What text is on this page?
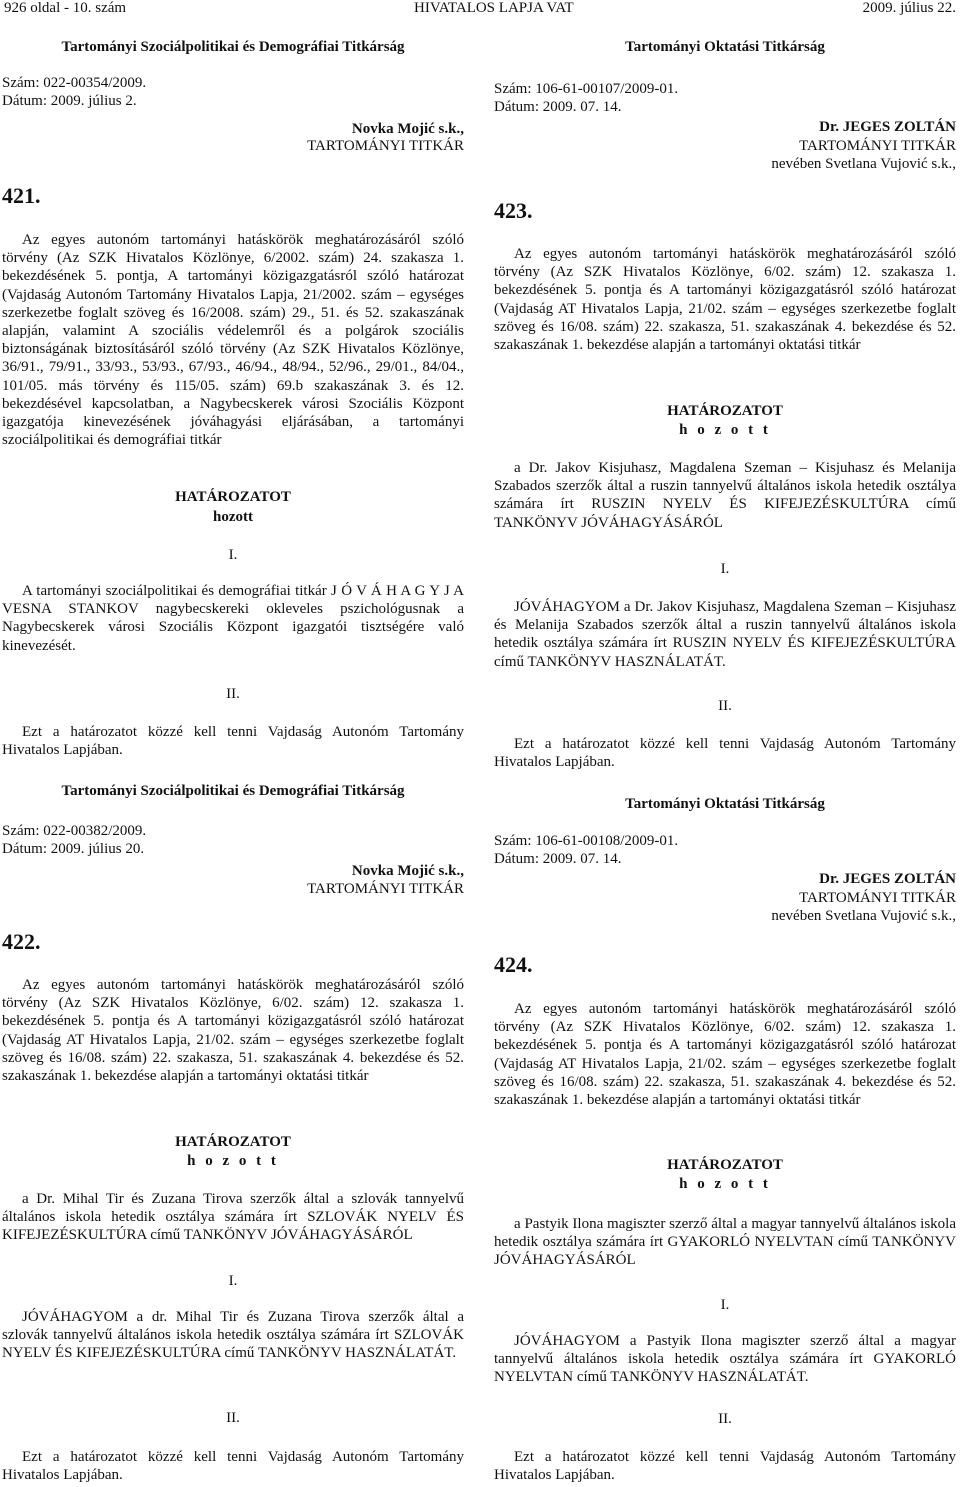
926 oldal - 10. szám	HIVATALOS LAPJA VAT	2009. július 22.
Tartományi Szociálpolitikai és Demográfiai Titkárság
Szám: 022-00354/2009.
Dátum: 2009. július 2.
Novka Mojić s.k.,
TARTOMÁNYI TITKÁR
421.

Az egyes autonóm tartományi hatáskörök meghatározásáról szóló törvény (Az SZK Hivatalos Közlönye, 6/2002. szám) 24. szakasza 1. bekezdésének 5. pontja, A tartományi közigazgatásról szóló határozat (Vajdaság Autonóm Tartomány Hivatalos Lapja, 21/2002. szám – egységes szerkezetbe foglalt szöveg és 16/2008. szám) 29., 51. és 52. szakaszának alapján, valamint A szociális védelemről és a polgárok szociális biztonságának biztosításáról szóló törvény (Az SZK Hivatalos Közlönye, 36/91., 79/91., 33/93., 53/93., 67/93., 46/94., 48/94., 52/96., 29/01., 84/04., 101/05. más törvény és 115/05. szám) 69.b szakaszának 3. és 12. bekezdésével kapcsolatban, a Nagybecskerek városi Szociális Központ igazgatója kinevezésének jóváhagyási eljárásában, a tartományi szociálpolitikai és demográfiai titkár

HATÁROZATOT
hozott
I.

A tartományi szociálpolitikai és demográfiai titkár J Ó V Á H A G Y J A VESNA STANKOV nagybecskereki okleveles pszichológusnak a Nagybecskerek városi Szociális Központ igazgatói tisztségére való kinevezését.

II.

Ezt a határozatot közzé kell tenni Vajdaság Autonóm Tartomány Hivatalos Lapjában.

Tartományi Szociálpolitikai és Demográfiai Titkárság
Szám: 022-00382/2009.
Dátum: 2009. július 20.
Novka Mojić s.k.,
TARTOMÁNYI TITKÁR
422.

Az egyes autonóm tartományi hatáskörök meghatározásáról szóló törvény (Az SZK Hivatalos Közlönye, 6/02. szám) 12. szakasza 1. bekezdésének 5. pontja és A tartományi közigazgatásról szóló határozat (Vajdaság AT Hivatalos Lapja, 21/02. szám – egységes szerkezetbe foglalt szöveg és 16/08. szám) 22. szakasza, 51. szakaszának 4. bekezdése és 52. szakaszának 1. bekezdése alapján a tartományi oktatási titkár

HATÁROZATOT
h o z o t t

a Dr. Mihal Tir és Zuzana Tirova szerzők által a szlovák tannyelvű általános iskola hetedik osztálya számára írt SZLOVÁK NYELV ÉS KIFEJEZÉSKULTÚRA című TANKÖNYV JÓVÁHAGYÁSÁRÓL

I.

JÓVÁHAGYOM a dr. Mihal Tir és Zuzana Tirova szerzők által a szlovák tannyelvű általános iskola hetedik osztálya számára írt SZLOVÁK NYELV ÉS KIFEJEZÉSKULTÚRA című TANKÖNYV HASZNÁLATÁT.

II.

Ezt a határozatot közzé kell tenni Vajdaság Autonóm Tartomány Hivatalos Lapjában.

Tartományi Oktatási Titkárság
Szám: 106-61-00107/2009-01.
Dátum: 2009. 07. 14.
Dr. JEGES ZOLTÁN
TARTOMÁNYI TITKÁR
nevében Svetlana Vujović s.k.,
423.

Az egyes autonóm tartományi hatáskörök meghatározásáról szóló törvény (Az SZK Hivatalos Közlönye, 6/02. szám) 12. szakasza 1. bekezdésének 5. pontja és A tartományi közigazgatásról szóló határozat (Vajdaság AT Hivatalos Lapja, 21/02. szám – egységes szerkezetbe foglalt szöveg és 16/08. szám) 22. szakasza, 51. szakaszának 4. bekezdése és 52. szakaszának 1. bekezdése alapján a tartományi oktatási titkár

HATÁROZATOT
h o z o t t

a Dr. Jakov Kisjuhasz, Magdalena Szeman – Kisjuhasz és Melanija Szabados szerzők által a ruszin tannyelvű általános iskola hetedik osztálya számára írt RUSZIN NYELV ÉS KIFEJEZÉSKULTÚRA című TANKÖNYV JÓVÁHAGYÁSÁRÓL

I.

JÓVÁHAGYOM a Dr. Jakov Kisjuhasz, Magdalena Szeman – Kisjuhasz és Melanija Szabados szerzők által a ruszin tannyelvű általános iskola hetedik osztálya számára írt RUSZIN NYELV ÉS KIFEJEZÉSKULTÚRA című TANKÖNYV HASZNÁLATÁT.

II.

Ezt a határozatot közzé kell tenni Vajdaság Autonóm Tartomány Hivatalos Lapjában.

Tartományi Oktatási Titkárság
Szám: 106-61-00108/2009-01.
Dátum: 2009. 07. 14.
Dr. JEGES ZOLTÁN
TARTOMÁNYI TITKÁR
nevében Svetlana Vujović s.k.,
424.

Az egyes autonóm tartományi hatáskörök meghatározásáról szóló törvény (Az SZK Hivatalos Közlönye, 6/02. szám) 12. szakasza 1. bekezdésének 5. pontja és A tartományi közigazgatásról szóló határozat (Vajdaság AT Hivatalos Lapja, 21/02. szám – egységes szerkezetbe foglalt szöveg és 16/08. szám) 22. szakasza, 51. szakaszának 4. bekezdése és 52. szakaszának 1. bekezdése alapján a tartományi oktatási titkár

HATÁROZATOT
h o z o t t

a Pastyik Ilona magiszter szerző által a magyar tannyelvű általános iskola hetedik osztálya számára írt GYAKORLÓ NYELVTAN című TANKÖNYV JÓVÁHAGYÁSÁRÓL

I.

JÓVÁHAGYOM a Pastyik Ilona magiszter szerző által a magyar tannyelvű általános iskola hetedik osztálya számára írt GYAKORLÓ NYELVTAN című TANKÖNYV HASZNÁLATÁT.

II.

Ezt a határozatot közzé kell tenni Vajdaság Autonóm Tartomány Hivatalos Lapjában.
